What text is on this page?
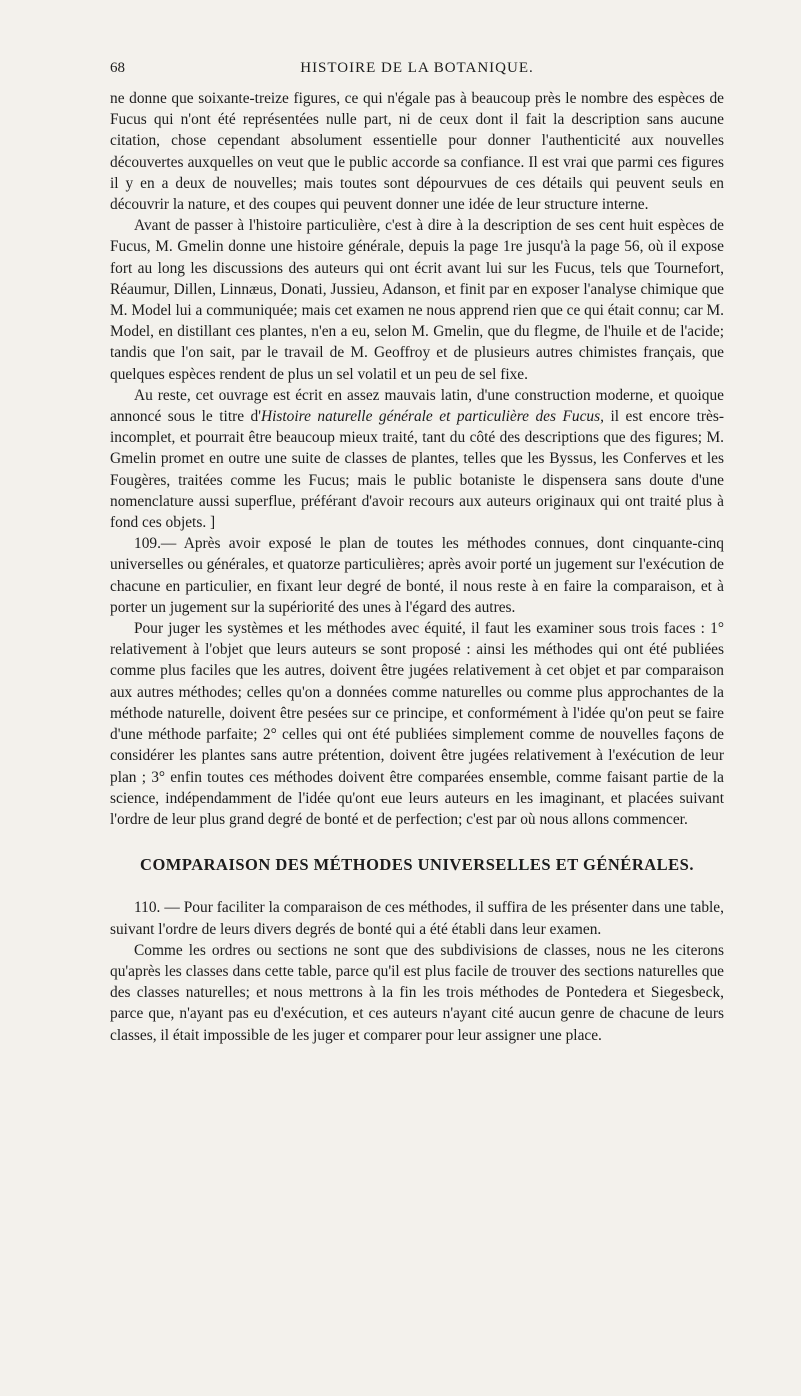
68	HISTOIRE DE LA BOTANIQUE.

ne donne que soixante-treize figures, ce qui n'égale pas à beaucoup près le nombre des espèces de Fucus qui n'ont été représentées nulle part, ni de ceux dont il fait la description sans aucune citation, chose cependant absolument essentielle pour donner l'authenticité aux nouvelles découvertes auxquelles on veut que le public accorde sa confiance. Il est vrai que parmi ces figures il y en a deux de nouvelles; mais toutes sont dépourvues de ces détails qui peuvent seuls en découvrir la nature, et des coupes qui peuvent donner une idée de leur structure interne.

Avant de passer à l'histoire particulière, c'est à dire à la description de ses cent huit espèces de Fucus, M. Gmelin donne une histoire générale, depuis la page 1re jusqu'à la page 56, où il expose fort au long les discussions des auteurs qui ont écrit avant lui sur les Fucus, tels que Tournefort, Réaumur, Dillen, Linnæus, Donati, Jussieu, Adanson, et finit par en exposer l'analyse chimique que M. Model lui a communiquée; mais cet examen ne nous apprend rien que ce qui était connu; car M. Model, en distillant ces plantes, n'en a eu, selon M. Gmelin, que du flegme, de l'huile et de l'acide; tandis que l'on sait, par le travail de M. Geoffroy et de plusieurs autres chimistes français, que quelques espèces rendent de plus un sel volatil et un peu de sel fixe.

Au reste, cet ouvrage est écrit en assez mauvais latin, d'une construction moderne, et quoique annoncé sous le titre d'Histoire naturelle générale et particulière des Fucus, il est encore très-incomplet, et pourrait être beaucoup mieux traité, tant du côté des descriptions que des figures; M. Gmelin promet en outre une suite de classes de plantes, telles que les Byssus, les Conferves et les Fougères, traitées comme les Fucus; mais le public botaniste le dispensera sans doute d'une nomenclature aussi superflue, préférant d'avoir recours aux auteurs originaux qui ont traité plus à fond ces objets. ]

109.— Après avoir exposé le plan de toutes les méthodes connues, dont cinquante-cinq universelles ou générales, et quatorze particulières; après avoir porté un jugement sur l'exécution de chacune en particulier, en fixant leur degré de bonté, il nous reste à en faire la comparaison, et à porter un jugement sur la supériorité des unes à l'égard des autres.

Pour juger les systèmes et les méthodes avec équité, il faut les examiner sous trois faces : 1° relativement à l'objet que leurs auteurs se sont proposé : ainsi les méthodes qui ont été publiées comme plus faciles que les autres, doivent être jugées relativement à cet objet et par comparaison aux autres méthodes; celles qu'on a données comme naturelles ou comme plus approchantes de la méthode naturelle, doivent être pesées sur ce principe, et conformément à l'idée qu'on peut se faire d'une méthode parfaite; 2° celles qui ont été publiées simplement comme de nouvelles façons de considérer les plantes sans autre prétention, doivent être jugées relativement à l'exécution de leur plan ; 3° enfin toutes ces méthodes doivent être comparées ensemble, comme faisant partie de la science, indépendamment de l'idée qu'ont eue leurs auteurs en les imaginant, et placées suivant l'ordre de leur plus grand degré de bonté et de perfection; c'est par où nous allons commencer.

COMPARAISON DES MÉTHODES UNIVERSELLES ET GÉNÉRALES.

110. — Pour faciliter la comparaison de ces méthodes, il suffira de les présenter dans une table, suivant l'ordre de leurs divers degrés de bonté qui a été établi dans leur examen.

Comme les ordres ou sections ne sont que des subdivisions de classes, nous ne les citerons qu'après les classes dans cette table, parce qu'il est plus facile de trouver des sections naturelles que des classes naturelles; et nous mettrons à la fin les trois méthodes de Pontedera et Siegesbeck, parce que, n'ayant pas eu d'exécution, et ces auteurs n'ayant cité aucun genre de chacune de leurs classes, il était impossible de les juger et comparer pour leur assigner une place.
